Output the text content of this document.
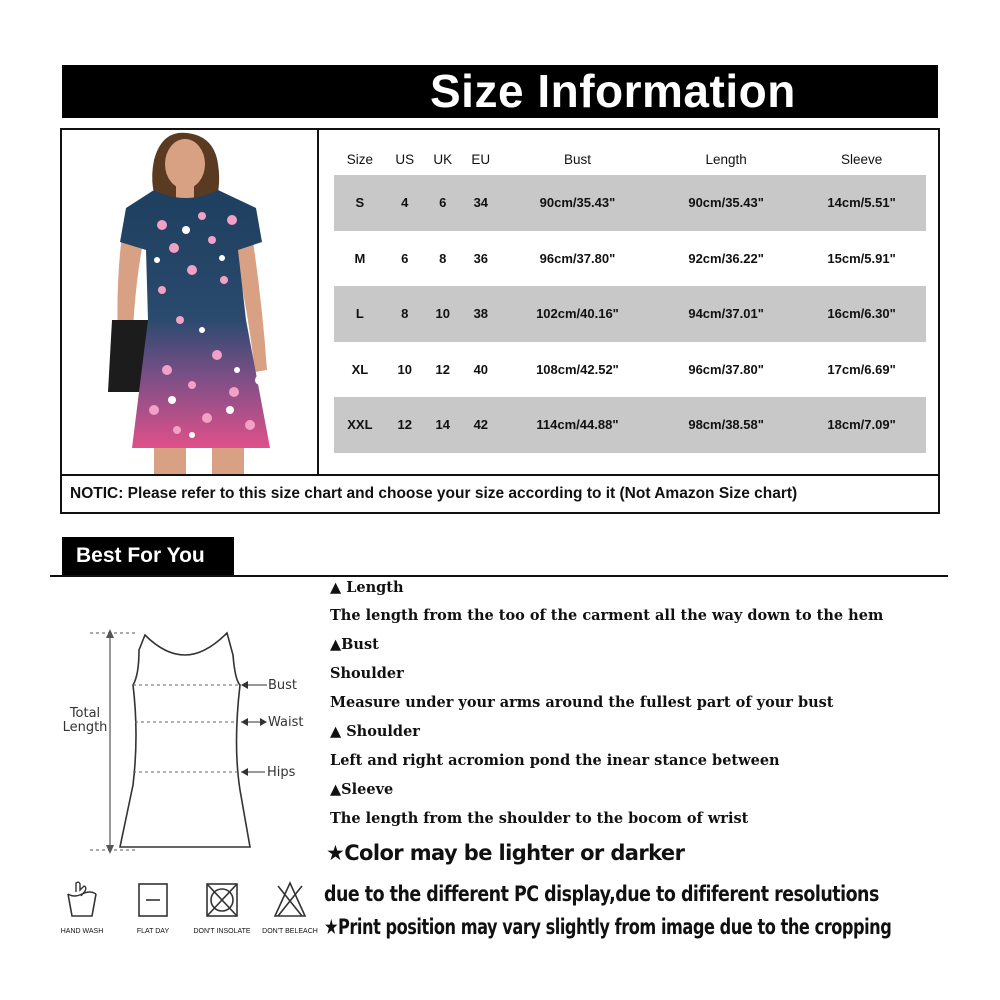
Size Information
Size	US	UK	EU	Bust	Length	Sleeve
S	4	6	34	90cm/35.43"	90cm/35.43"	14cm/5.51"
M	6	8	36	96cm/37.80"	92cm/36.22"	15cm/5.91"
L	8	10	38	102cm/40.16"	94cm/37.01"	16cm/6.30"
XL	10	12	40	108cm/42.52"	96cm/37.80"	17cm/6.69"
XXL	12	14	42	114cm/44.88"	98cm/38.58"	18cm/7.09"
NOTIC: Please refer to this size chart and choose your size according to it (Not Amazon Size chart)
Best For You
Total
Length
Bust
Waist
Hips
▲ Length
The length from the too of the carment all the way down to the hem
▲Bust
Shoulder
Measure under your arms around the fullest part of your bust
▲ Shoulder
Left and right acromion pond the inear stance between
▲Sleeve
The length from the shoulder to the bocom of wrist
★Color may be lighter or darker
due to the different PC display,due to dififerent resolutions
★Print position may vary slightly from image due to the cropping
HAND WASH	FLAT DAY	DON'T INSOLATE	DON'T BELEACH
